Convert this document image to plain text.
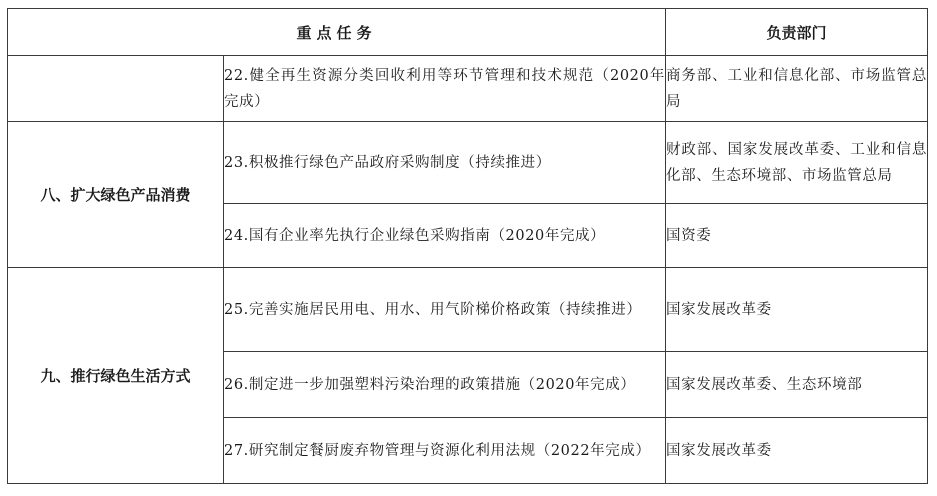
重点任务		负责部门
	22.健全再生资源分类回收利用等环节管理和技术规范（2020年完成）	商务部、工业和信息化部、市场监管总局
八、扩大绿色产品消费	23.积极推行绿色产品政府采购制度（持续推进）	财政部、国家发展改革委、工业和信息化部、生态环境部、市场监管总局
	24.国有企业率先执行企业绿色采购指南（2020年完成）	国资委
九、推行绿色生活方式	25.完善实施居民用电、用水、用气阶梯价格政策（持续推进）	国家发展改革委
	26.制定进一步加强塑料污染治理的政策措施（2020年完成）	国家发展改革委、生态环境部
	27.研究制定餐厨废弃物管理与资源化利用法规（2022年完成）	国家发展改革委
